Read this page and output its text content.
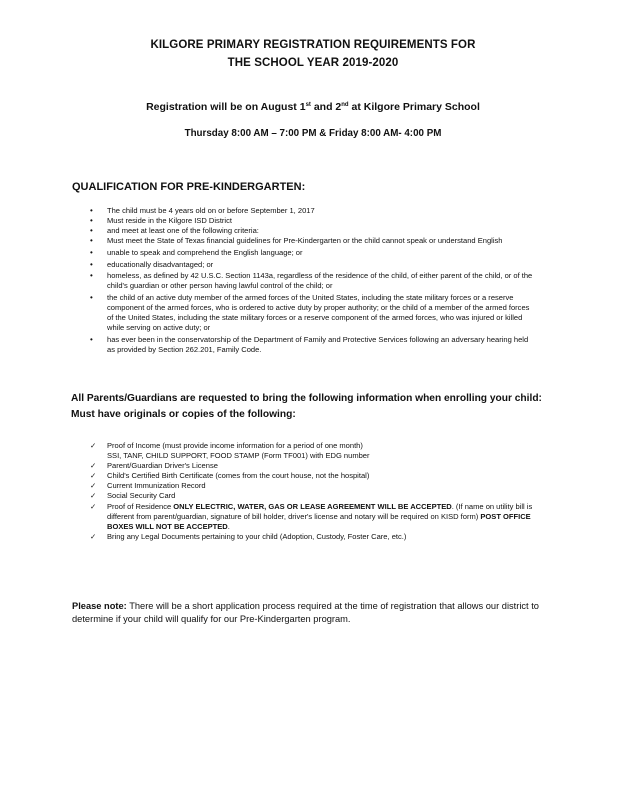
KILGORE PRIMARY REGISTRATION REQUIREMENTS FOR
THE SCHOOL YEAR 2019-2020
Registration will be on August 1st and 2nd at Kilgore Primary School
Thursday 8:00 AM – 7:00 PM & Friday 8:00 AM- 4:00 PM
QUALIFICATION FOR PRE-KINDERGARTEN:
• The child must be 4 years old on or before September 1, 2017
• Must reside in the Kilgore ISD District
• and meet at least one of the following criteria:
• Must meet the State of Texas financial guidelines for Pre-Kindergarten or the child cannot speak or understand English
• unable to speak and comprehend the English language; or
• educationally disadvantaged; or
• homeless, as defined by 42 U.S.C. Section 1143a, regardless of the residence of the child, of either parent of the child, or of the child's guardian or other person having lawful control of the child; or
• the child of an active duty member of the armed forces of the United States, including the state military forces or a reserve component of the armed forces, who is ordered to active duty by proper authority; or the child of a member of the armed forces of the United States, including the state military forces or a reserve component of the armed forces, who was injured or killed while serving on active duty; or
• has ever been in the conservatorship of the Department of Family and Protective Services following an adversary hearing held as provided by Section 262.201, Family Code.
All Parents/Guardians are requested to bring the following information when enrolling your child:
Must have originals or copies of the following:
✓ Proof of Income (must provide income information for a period of one month)
SSI, TANF, CHILD SUPPORT, FOOD STAMP (Form TF001) with EDG number
✓ Parent/Guardian Driver's License
✓ Child's Certified Birth Certificate (comes from the court house, not the hospital)
✓ Current Immunization Record
✓ Social Security Card
✓ Proof of Residence ONLY ELECTRIC, WATER, GAS OR LEASE AGREEMENT WILL BE ACCEPTED. (If name on utility bill is different from parent/guardian, signature of bill holder, driver's license and notary will be required on KISD form) POST OFFICE BOXES WILL NOT BE ACCEPTED.
✓ Bring any Legal Documents pertaining to your child (Adoption, Custody, Foster Care, etc.)
Please note: There will be a short application process required at the time of registration that allows our district to determine if your child will qualify for our Pre-Kindergarten program.
